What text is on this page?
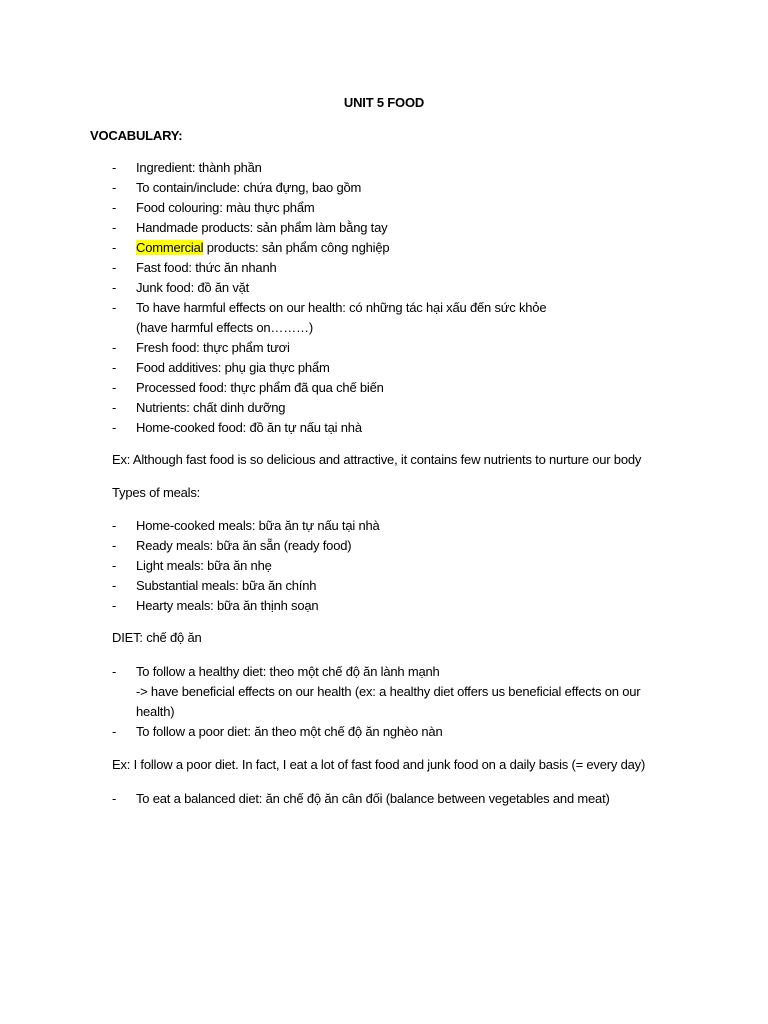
UNIT 5 FOOD
VOCABULARY:
- Ingredient: thành phần
- To contain/include: chứa đựng, bao gồm
- Food colouring: màu thực phẩm
- Handmade products: sản phẩm làm bằng tay
- Commercial products: sản phẩm công nghiệp
- Fast food: thức ăn nhanh
- Junk food: đồ ăn vặt
- To have harmful effects on our health: có những tác hại xấu đến sức khỏe
(have harmful effects on………)
- Fresh food: thực phẩm tươi
- Food additives: phụ gia thực phẩm
- Processed food: thực phẩm đã qua chế biến
- Nutrients: chất dinh dưỡng
- Home-cooked food: đồ ăn tự nấu tại nhà
Ex: Although fast food is so delicious and attractive, it contains few nutrients to nurture our body
Types of meals:
- Home-cooked meals: bữa ăn tự nấu tại nhà
- Ready meals: bữa ăn sẵn (ready food)
- Light meals: bữa ăn nhẹ
- Substantial meals: bữa ăn chính
- Hearty meals: bữa ăn thịnh soạn
DIET: chế độ ăn
- To follow a healthy diet: theo một chế độ ăn lành mạnh
-> have beneficial effects on our health (ex: a healthy diet offers us beneficial effects on our health)
- To follow a poor diet: ăn theo một chế độ ăn nghèo nàn
Ex: I follow a poor diet. In fact, I eat a lot of fast food and junk food on a daily basis (= every day)
- To eat a balanced diet: ăn chế độ ăn cân đối (balance between vegetables and meat)
